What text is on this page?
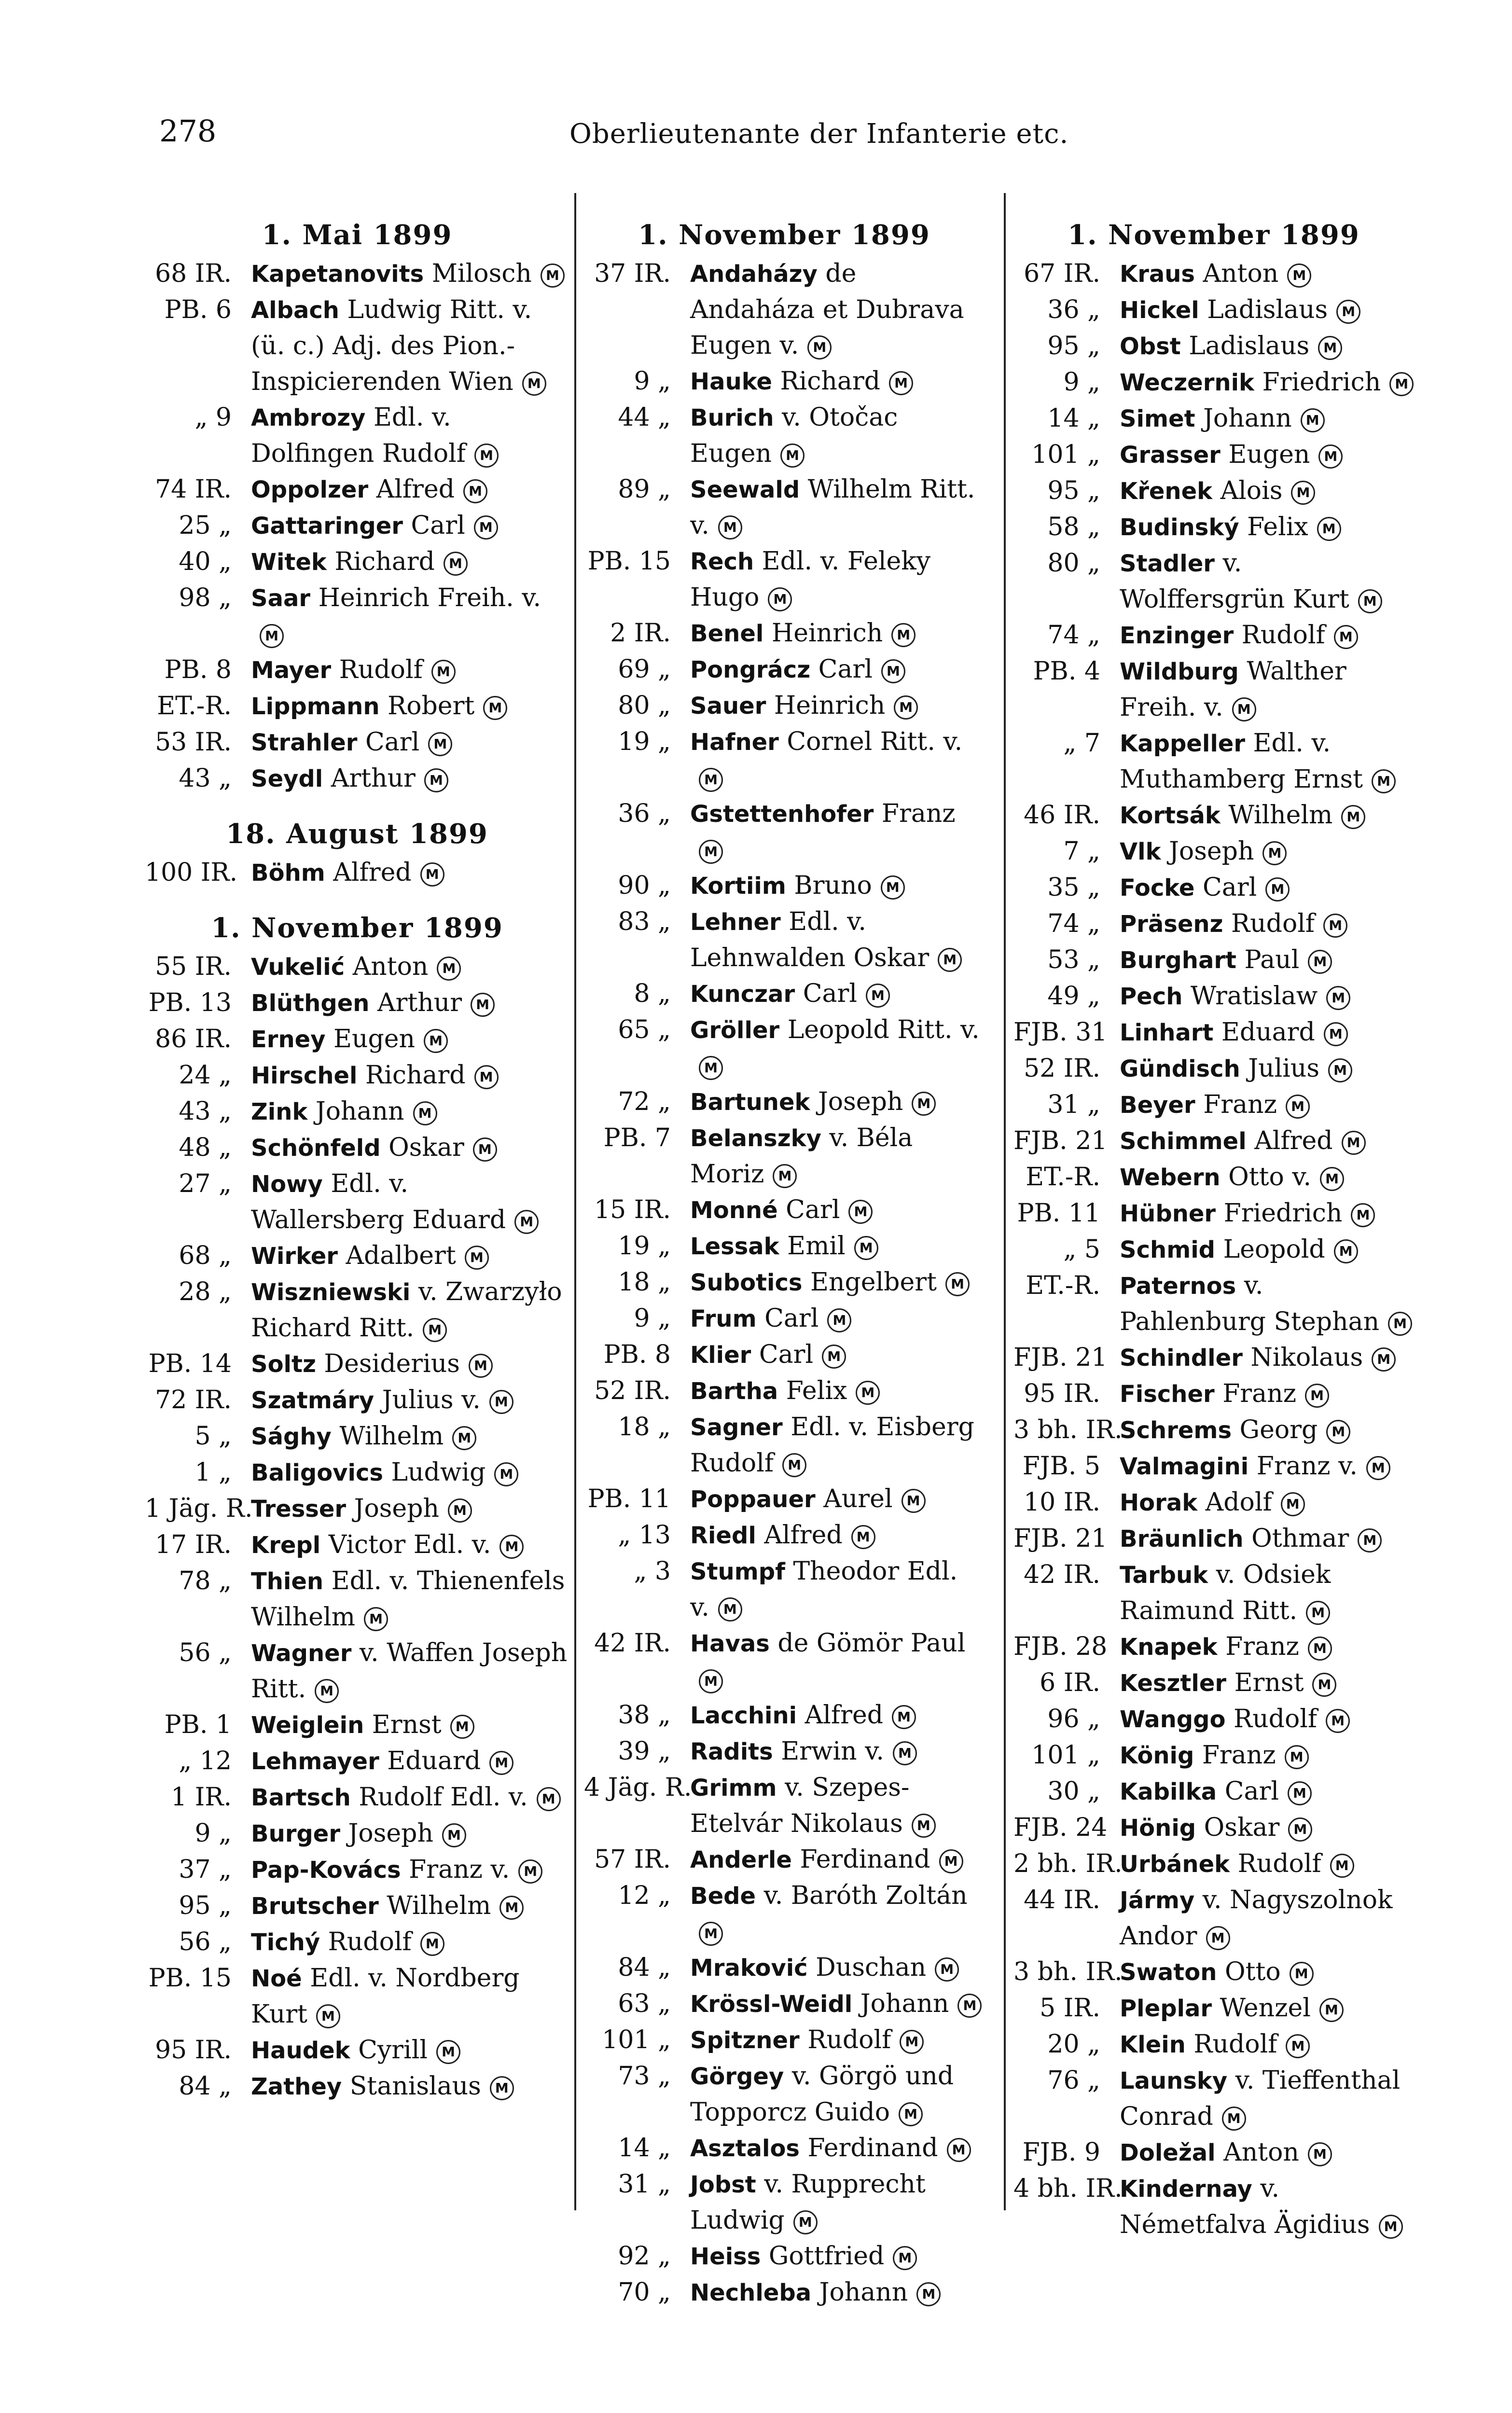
278	Oberlieutenante der Infanterie etc.
1. Mai 1899
68 IR. Kapetanovits Milosch M
PB. 6 Albach Ludwig Ritt. v. (ü. c.) Adj. des Pion.-Inspicierenden Wien M
„ 9 Ambrozy Edl. v. Dolfingen Rudolf M
74 IR. Oppolzer Alfred M
25 „ Gattaringer Carl M
40 „ Witek Richard M
98 „ Saar Heinrich Freih. v.M
PB. 8 Mayer Rudolf M
ET.-R. Lippmann Robert M
53 IR. Strahler Carl M
43 „ Seydl Arthur M
18. August 1899
100 IR. Böhm Alfred M
1. November 1899
55 IR. Vukelić Anton M
PB. 13 Blüthgen Arthur M
86 IR. Erney Eugen M
24 „ Hirschel Richard M
43 „ Zink Johann M
48 „ Schönfeld Oskar M
27 „ Nowy Edl. v. Wallersberg Eduard M
68 „ Wirker Adalbert M
28 „ Wiszniewski v. Zwarzyło Richard Ritt. M
PB. 14 Soltz Desiderius M
72 IR. Szatmáry Julius v. M
5 „ Sághy Wilhelm M
1 „ Baligovics Ludwig M
1 Jäg. R.
Tresser Joseph M
17 IR. Krepl Victor Edl. v. M
78 „ Thien Edl. v. Thienenfels Wilhelm M
56 „ Wagner v. Waffen Joseph Ritt. M
PB. 1 Weiglein Ernst M
„ 12 Lehmayer Eduard M
1 IR. Bartsch Rudolf Edl. v. M
9 „ Burger Joseph M
37 „ Pap-Kovács Franz v. M
95 „ Brutscher Wilhelm M
56 „ Tichý Rudolf M
PB. 15 Noé Edl. v. Nordberg Kurt M
95 IR. Haudek Cyrill M
84 „ Zathey Stanislaus M
1. November 1899
37 IR. Andaházy de Andaháza et Dubrava Eugen v. M
9 „ Hauke Richard M
44 „ Burich v. Otočac Eugen M
89 „ Seewald Wilhelm Ritt. v. M
PB. 15 Rech Edl. v. Feleky Hugo M
2 IR. Benel Heinrich M
69 „ Pongrácz Carl M
80 „ Sauer Heinrich M
19 „ Hafner Cornel Ritt. v.M
36 „ Gstettenhofer FranzM
90 „ Kortiim Bruno M
83 „ Lehner Edl. v. Lehnwalden Oskar M
8 „ Kunczar Carl M
65 „ Gröller Leopold Ritt. v.M
72 „ Bartunek Joseph M
PB. 7 Belanszky v. Béla Moriz M
15 IR. Monné Carl M
19 „ Lessak Emil M
18 „ Subotics Engelbert M
9 „ Frum Carl M
PB. 8 Klier Carl M
52 IR. Bartha Felix M
18 „ Sagner Edl. v. Eisberg Rudolf M
PB. 11 Poppauer Aurel M
„ 13 Riedl Alfred M
„ 3 Stumpf Theodor Edl. v. M
42 IR. Havas de Gömör PaulM
38 „ Lacchini Alfred M
39 „ Radits Erwin v. M
4 Jäg. R.
Grimm v. Szepes-Etelvár Nikolaus M
57 IR. Anderle Ferdinand M
12 „ Bede v. Baróth ZoltánM
84 „ Mraković Duschan M
63 „ Krössl-Weidl Johann M
101 „ Spitzner Rudolf M
73 „ Görgey v. Görgö und Topporcz Guido M
14 „ Asztalos Ferdinand M
31 „ Jobst v. Rupprecht Ludwig M
92 „ Heiss Gottfried M
70 „ Nechleba Johann M
1. November 1899
67 IR. Kraus Anton M
36 „ Hickel Ladislaus M
95 „ Obst Ladislaus M
9 „ Weczernik Friedrich M
14 „ Simet Johann M
101 „ Grasser Eugen M
95 „ Křenek Alois M
58 „ Budinský Felix M
80 „ Stadler v. Wolffersgrün Kurt M
74 „ Enzinger Rudolf M
PB. 4 Wildburg Walther Freih. v. M
„ 7 Kappeller Edl. v. Muthamberg Ernst M
46 IR. Kortsák Wilhelm M
7 „ Vlk Joseph M
35 „ Focke Carl M
74 „ Präsenz Rudolf M
53 „ Burghart Paul M
49 „ Pech Wratislaw M
FJB. 31 Linhart Eduard M
52 IR. Gündisch Julius M
31 „ Beyer Franz M
FJB. 21 Schimmel Alfred M
ET.-R. Webern Otto v. M
PB. 11 Hübner Friedrich M
„ 5 Schmid Leopold M
ET.-R. Paternos v. Pahlenburg Stephan M
FJB. 21 Schindler Nikolaus M
95 IR. Fischer Franz M
3 bh. IR.
Schrems Georg M
FJB. 5 Valmagini Franz v. M
10 IR. Horak Adolf M
FJB. 21 Bräunlich Othmar M
42 IR. Tarbuk v. Odsiek Raimund Ritt. M
FJB. 28 Knapek Franz M
6 IR. Kesztler Ernst M
96 „ Wanggo Rudolf M
101 „ König Franz M
30 „ Kabilka Carl M
FJB. 24 Hönig Oskar M
2 bh. IR.
Urbánek Rudolf M
44 IR. Jármy v. Nagyszolnok Andor M
3 bh. IR.
Swaton Otto M
5 IR. Pleplar Wenzel M
20 „ Klein Rudolf M
76 „ Launsky v. Tieffenthal Conrad M
FJB. 9 Doležal Anton M
4 bh. IR.
Kindernay v. Németfalva Ägidius M
